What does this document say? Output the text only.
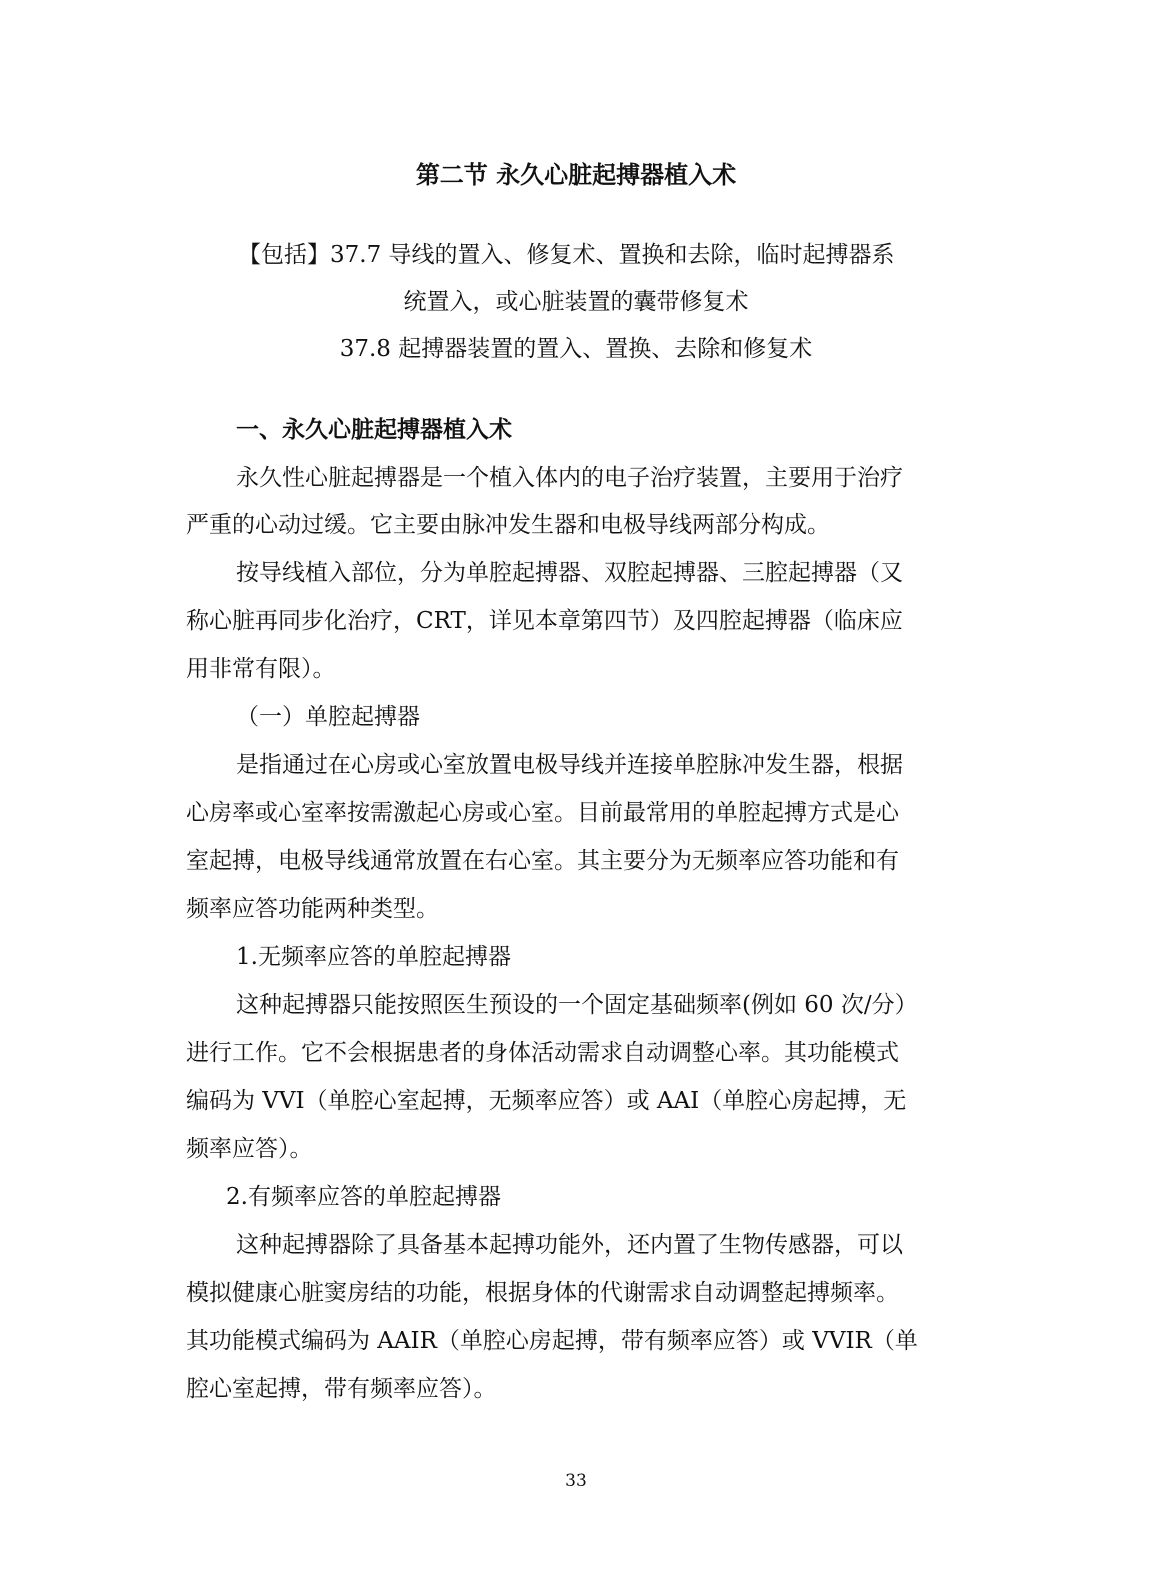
第二节 永久心脏起搏器植入术
【包括】37.7 导线的置入、修复术、置换和去除，临时起搏器系
统置入，或心脏装置的囊带修复术
37.8 起搏器装置的置入、置换、去除和修复术
一、永久心脏起搏器植入术
永久性心脏起搏器是一个植入体内的电子治疗装置，主要用于治疗
严重的心动过缓。它主要由脉冲发生器和电极导线两部分构成。
按导线植入部位，分为单腔起搏器、双腔起搏器、三腔起搏器（又
称心脏再同步化治疗，CRT，详见本章第四节）及四腔起搏器（临床应
用非常有限）。
（一）单腔起搏器
是指通过在心房或心室放置电极导线并连接单腔脉冲发生器，根据
心房率或心室率按需激起心房或心室。目前最常用的单腔起搏方式是心
室起搏，电极导线通常放置在右心室。其主要分为无频率应答功能和有
频率应答功能两种类型。
1.无频率应答的单腔起搏器
这种起搏器只能按照医生预设的一个固定基础频率(例如 60 次/分）
进行工作。它不会根据患者的身体活动需求自动调整心率。其功能模式
编码为 VVI（单腔心室起搏，无频率应答）或 AAI（单腔心房起搏，无
频率应答）。
2.有频率应答的单腔起搏器
这种起搏器除了具备基本起搏功能外，还内置了生物传感器，可以
模拟健康心脏窦房结的功能，根据身体的代谢需求自动调整起搏频率。
其功能模式编码为 AAIR（单腔心房起搏，带有频率应答）或 VVIR（单
腔心室起搏，带有频率应答）。
33
